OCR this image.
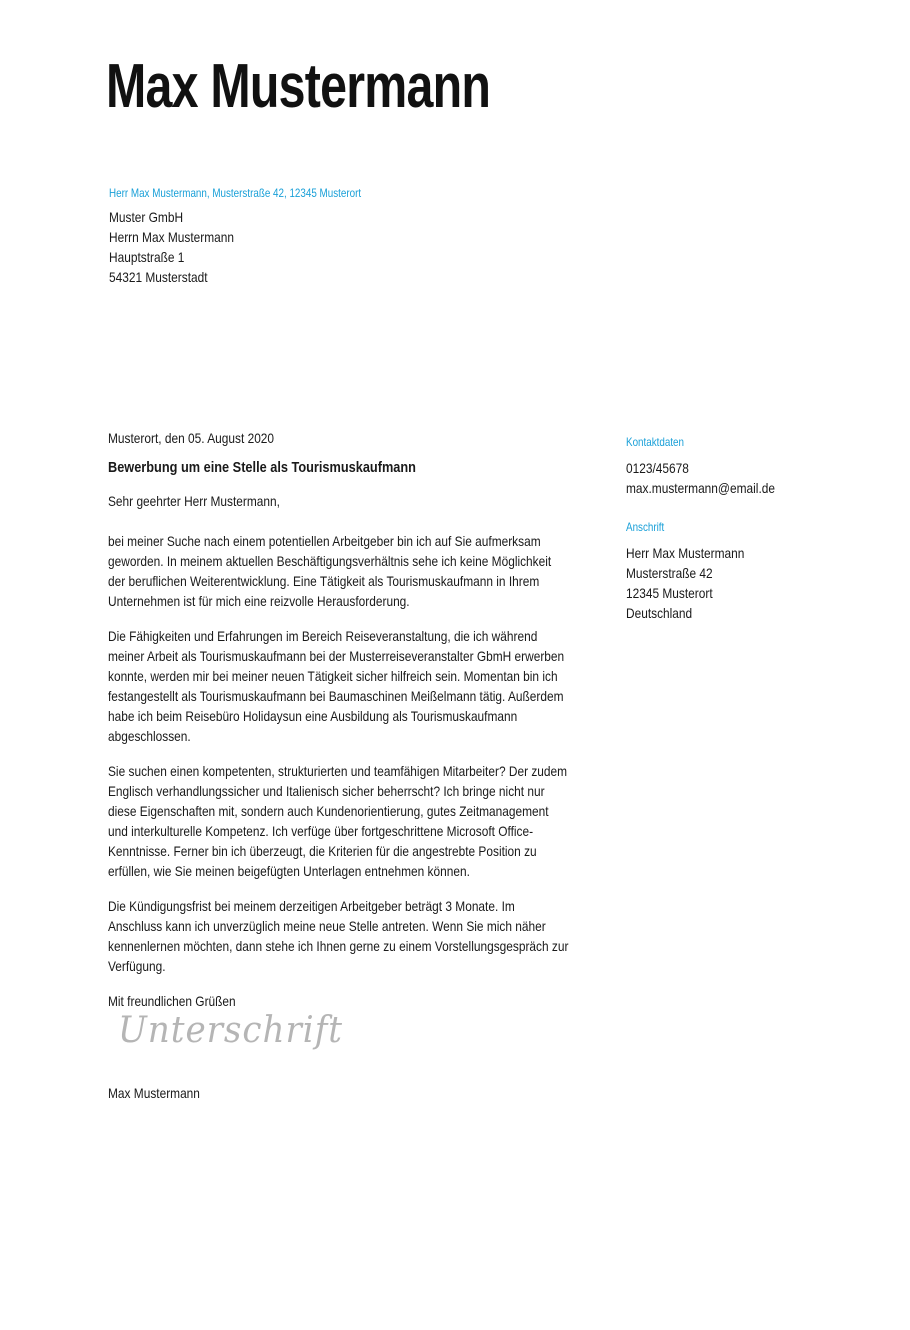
Max Mustermann
Herr Max Mustermann, Musterstraße 42, 12345 Musterort
Muster GmbH
Herrn Max Mustermann
Hauptstraße 1
54321 Musterstadt
Musterort, den 05. August 2020
Bewerbung um eine Stelle als Tourismuskaufmann
Sehr geehrter Herr Mustermann,
bei meiner Suche nach einem potentiellen Arbeitgeber bin ich auf Sie aufmerksam
geworden. In meinem aktuellen Beschäftigungsverhältnis sehe ich keine Möglichkeit
der beruflichen Weiterentwicklung. Eine Tätigkeit als Tourismuskaufmann in Ihrem
Unternehmen ist für mich eine reizvolle Herausforderung.
Die Fähigkeiten und Erfahrungen im Bereich Reiseveranstaltung, die ich während
meiner Arbeit als Tourismuskaufmann bei der Musterreiseveranstalter GbmH erwerben
konnte, werden mir bei meiner neuen Tätigkeit sicher hilfreich sein. Momentan bin ich
festangestellt als Tourismuskaufmann bei Baumaschinen Meißelmann tätig. Außerdem
habe ich beim Reisebüro Holidaysun eine Ausbildung als Tourismuskaufmann
abgeschlossen.
Sie suchen einen kompetenten, strukturierten und teamfähigen Mitarbeiter? Der zudem
Englisch verhandlungssicher und Italienisch sicher beherrscht? Ich bringe nicht nur
diese Eigenschaften mit, sondern auch Kundenorientierung, gutes Zeitmanagement
und interkulturelle Kompetenz. Ich verfüge über fortgeschrittene Microsoft Office-
Kenntnisse. Ferner bin ich überzeugt, die Kriterien für die angestrebte Position zu
erfüllen, wie Sie meinen beigefügten Unterlagen entnehmen können.
Die Kündigungsfrist bei meinem derzeitigen Arbeitgeber beträgt 3 Monate. Im
Anschluss kann ich unverzüglich meine neue Stelle antreten. Wenn Sie mich näher
kennenlernen möchten, dann stehe ich Ihnen gerne zu einem Vorstellungsgespräch zur
Verfügung.
Mit freundlichen Grüßen
Unterschrift
Max Mustermann
Kontaktdaten
0123/45678
max.mustermann@email.de
Anschrift
Herr Max Mustermann
Musterstraße 42
12345 Musterort
Deutschland
